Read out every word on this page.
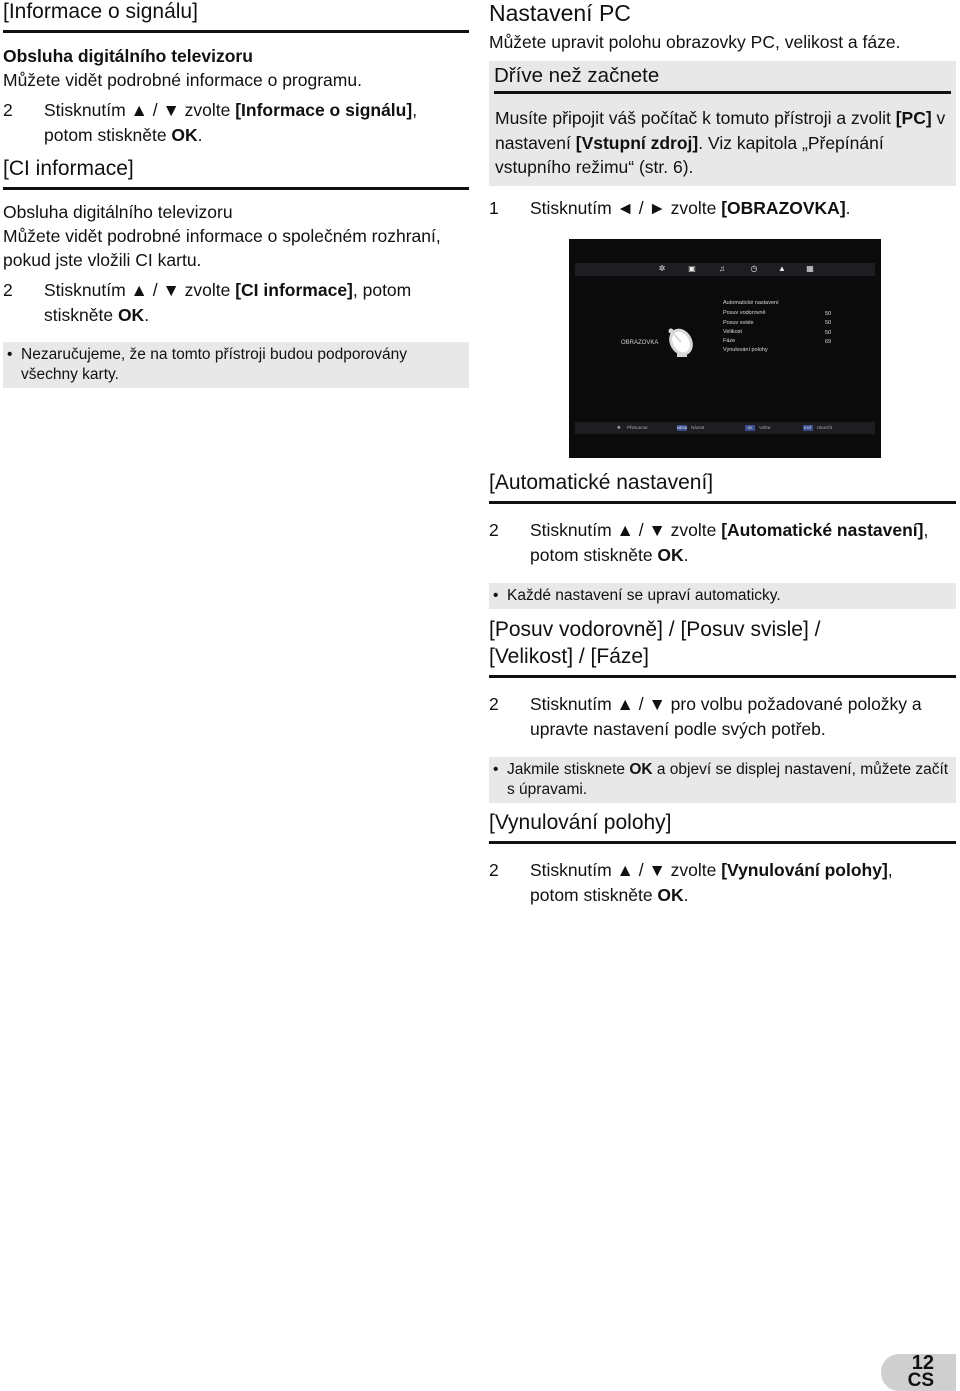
[Informace o signálu]

Obsluha digitálního televizoru

Můžete vidět podrobné informace o programu.

2	Stisknutím ▲ / ▼ zvolte [Informace o signálu],
potom stiskněte OK.
[CI informace]

Obsluha digitálního televizoru

Můžete vidět podrobné informace o společném rozhraní, pokud jste vložili CI kartu.

2	Stisknutím ▲ / ▼ zvolte [CI informace], potom
stiskněte OK.
• Nezaručujeme, že na tomto přístroji budou podporovány všechny karty.
Nastavení PC

Můžete upravit polohu obrazovky PC, velikost a fáze.

Dříve než začnete

Musíte připojit váš počítač k tomuto přístroji a zvolit [PC] v nastavení [Vstupní zdroj]. Viz kapitola „Přepínání vstupního režimu“ (str. 6).

1	Stisknutím ◄ / ► zvolte [OBRAZOVKA].
[Automatické nastavení]
2	Stisknutím ▲ / ▼ zvolte [Automatické nastavení], potom stiskněte OK.
• Každé nastavení se upraví automaticky.
[Posuv vodorovně] / [Posuv svisle] /
[Velikost] / [Fáze]
2	Stisknutím ▲ / ▼ pro volbu požadované položky a upravte nastavení podle svých potřeb.
• Jakmile stisknete OK a objeví se displej nastavení, můžete začít s úpravami.
[Vynulování polohy]
2	Stisknutím ▲ / ▼ zvolte [Vynulování polohy],
potom stiskněte OK.
✲	▣	♫	◷	▲	▦
OBRAZOVKA
Automatické nastavení
Posuv vodorovně
Posuv svisle
Velikost
Fáze
Vynulování polohy
50
50
50
69
✥ Přesunout	MENU Návrat	OK	Volba	EXIT Ukončit
12
CS
